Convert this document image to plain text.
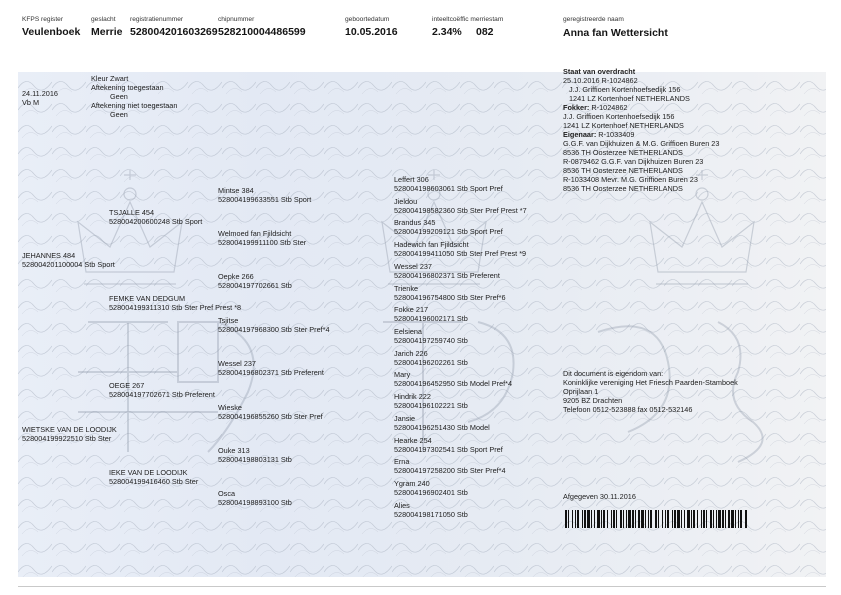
KFPS register	geslacht registratienummer	chipnummer	geboortedatum	inteeltcoëffic merriestam	geregistreerde naam
Veulenboek Merrie 528004201603269 528210004486599	10.05.2016	2.34% 082	Anna fan Wettersicht
24.11.2016
Vb M
Kleur Zwart
Aftekening toegestaan
Geen
Aftekening niet toegestaan
Geen
JEHANNES 484
528004201100004 Stb Sport
WIETSKE VAN DE LOODIJK
528004199922510 Stb Ster
TSJALLE 454
528004200600248 Stb Sport
FEMKE VAN DEDGUM
528004199311310 Stb Ster Pref Prest *8
OEGE 267
528004197702671 Stb Preferent
IEKE VAN DE LOODIJK
528004199416460 Stb Ster
Mintse 384
528004199633551 Stb Sport
Welmoed fan Fjildsicht
528004199911100 Stb Ster
Oepke 266
528004197702661 Stb
Tsjitse
528004197968300 Stb Ster Pref*4
Wessel 237
528004196802371 Stb Preferent
Wieske
528004196855260 Stb Ster Pref
Ouke 313
528004198803131 Stb
Osca
528004198893100 Stb
Leffert 306
528004198603061 Stb Sport Pref
Jieldou
528004198582360 Stb Ster Pref Prest *7
Brandus 345
528004199209121 Stb Sport Pref
Hadewich fan Fjildsicht
528004199411050 Stb Ster Pref Prest *9
Wessel 237
528004196802371 Stb Preferent
Trienke
528004196754800 Stb Ster Pref*6
Fokke 217
528004196002171 Stb
Eelsiena
528004197259740 Stb
Jarich 226
528004196202261 Stb
Mary
528004196452950 Stb Model Pref*4
Hindrik 222
528004196102221 Stb
Jansie
528004196251430 Stb Model
Hearke 254
528004197302541 Stb Sport Pref
Erna
528004197258200 Stb Ster Pref*4
Ygram 240
528004196902401 Stb
Alies
528004198171050 Stb
Staat van overdracht
25.10.2016 R-1024862
J.J. Griffioen Kortenhoefsedijk 156
1241 LZ Kortenhoef NETHERLANDS
Fokker: R-1024862
J.J. Griffioen Kortenhoefsedijk 156
1241 LZ Kortenhoef NETHERLANDS
Eigenaar: R-1033409
G.G.F. van Dijkhuizen & M.G. Griffioen Buren 23
8536 TH Oosterzee NETHERLANDS
R-0879462 G.G.F. van Dijkhuizen Buren 23
8536 TH Oosterzee NETHERLANDS
R-1033408 Mevr. M.G. Griffioen Buren 23
8536 TH Oosterzee NETHERLANDS
Dit document is eigendom van:
Koninklijke vereniging Het Friesch Paarden-Stamboek
Oprijlaan 1
9205 BZ Drachten
Telefoon 0512-523888 fax 0512-532146
Afgegeven 30.11.2016
